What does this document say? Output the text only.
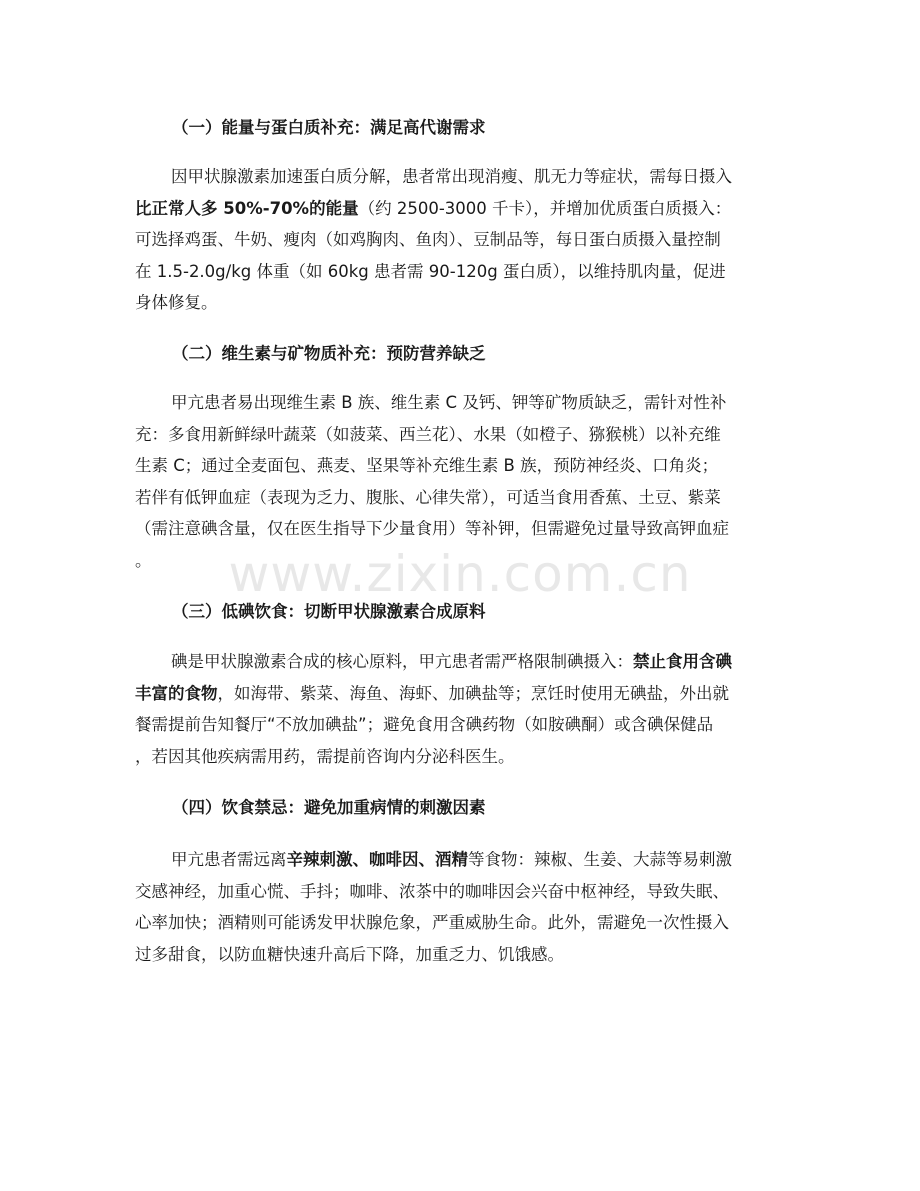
（一）能量与蛋白质补充：满足高代谢需求
因甲状腺激素加速蛋白质分解，患者常出现消瘦、肌无力等症状，需每日摄入
比正常人多 50%-70%的能量（约 2500-3000 千卡），并增加优质蛋白质摄入：
可选择鸡蛋、牛奶、瘦肉（如鸡胸肉、鱼肉）、豆制品等，每日蛋白质摄入量控制
在 1.5-2.0g/kg 体重（如 60kg 患者需 90-120g 蛋白质），以维持肌肉量，促进
身体修复。
（二）维生素与矿物质补充：预防营养缺乏
甲亢患者易出现维生素 B 族、维生素 C 及钙、钾等矿物质缺乏，需针对性补
充：多食用新鲜绿叶蔬菜（如菠菜、西兰花）、水果（如橙子、猕猴桃）以补充维
生素 C；通过全麦面包、燕麦、坚果等补充维生素 B 族，预防神经炎、口角炎；
若伴有低钾血症（表现为乏力、腹胀、心律失常），可适当食用香蕉、土豆、紫菜
（需注意碘含量，仅在医生指导下少量食用）等补钾，但需避免过量导致高钾血症
。
（三）低碘饮食：切断甲状腺激素合成原料
碘是甲状腺激素合成的核心原料，甲亢患者需严格限制碘摄入：禁止食用含碘
丰富的食物，如海带、紫菜、海鱼、海虾、加碘盐等；烹饪时使用无碘盐，外出就
餐需提前告知餐厅“不放加碘盐”；避免食用含碘药物（如胺碘酮）或含碘保健品
，若因其他疾病需用药，需提前咨询内分泌科医生。
（四）饮食禁忌：避免加重病情的刺激因素
甲亢患者需远离辛辣刺激、咖啡因、酒精等食物：辣椒、生姜、大蒜等易刺激
交感神经，加重心慌、手抖；咖啡、浓茶中的咖啡因会兴奋中枢神经，导致失眠、
心率加快；酒精则可能诱发甲状腺危象，严重威胁生命。此外，需避免一次性摄入
过多甜食，以防血糖快速升高后下降，加重乏力、饥饿感。
www.zixin.com.cn
